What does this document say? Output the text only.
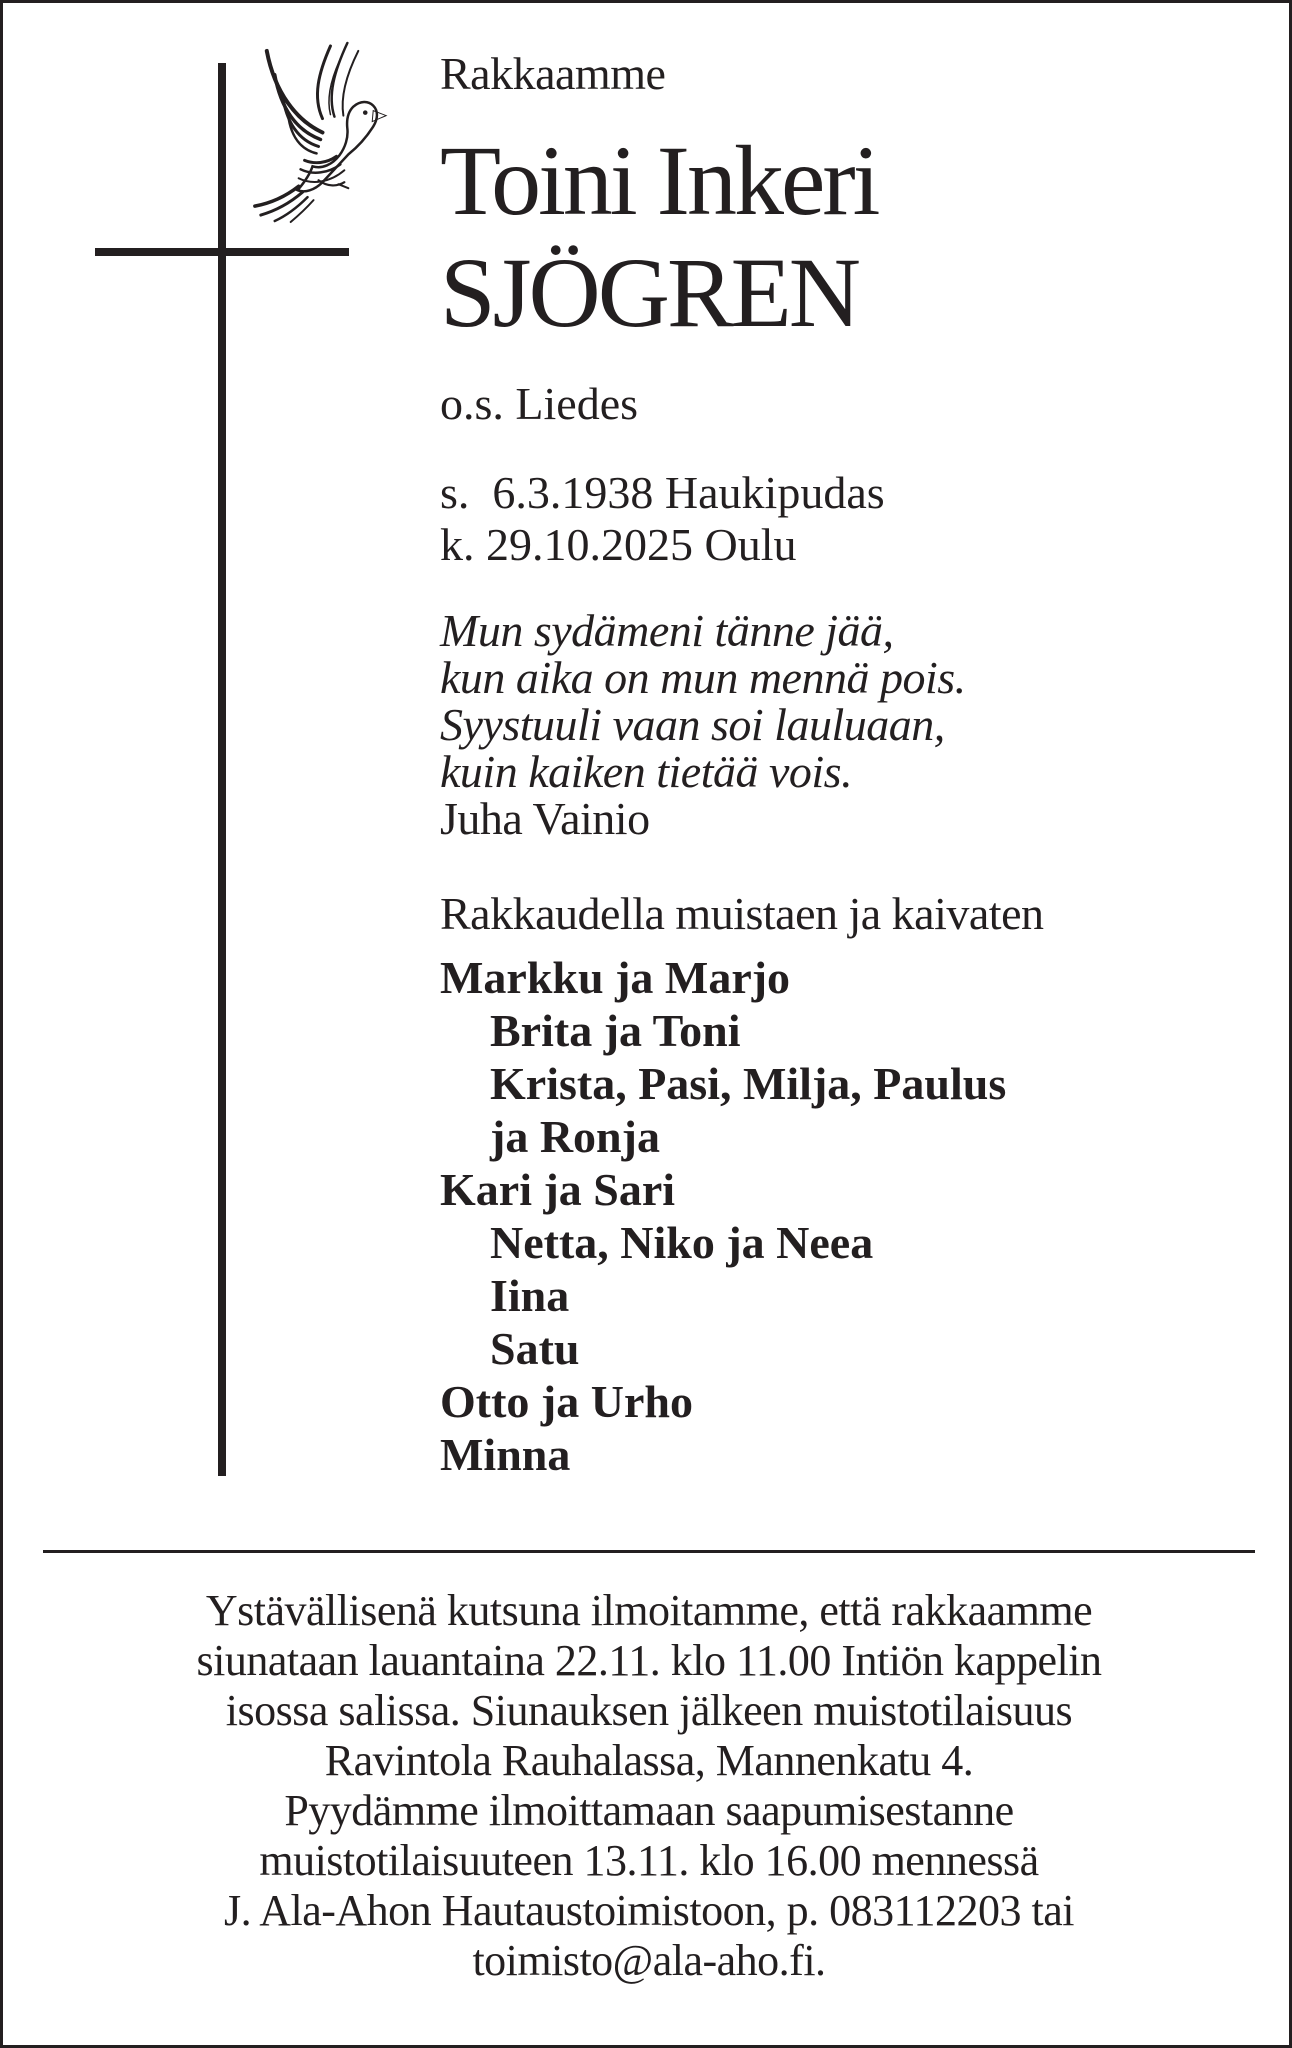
Rakkaamme
Toini Inkeri
SJÖGREN
o.s. Liedes
s.  6.3.1938 Haukipudas
k. 29.10.2025 Oulu
Mun sydämeni tänne jää,
kun aika on mun mennä pois.
Syystuuli vaan soi lauluaan,
kuin kaiken tietää vois.
Juha Vainio
Rakkaudella muistaen ja kaivaten
Markku ja Marjo
Brita ja Toni
Krista, Pasi, Milja, Paulus
ja Ronja
Kari ja Sari
Netta, Niko ja Neea
Iina
Satu
Otto ja Urho
Minna
Ystävällisenä kutsuna ilmoitamme, että rakkaamme
siunataan lauantaina 22.11. klo 11.00 Intiön kappelin
isossa salissa. Siunauksen jälkeen muistotilaisuus
Ravintola Rauhalassa, Mannenkatu 4.
Pyydämme ilmoittamaan saapumisestanne
muistotilaisuuteen 13.11. klo 16.00 mennessä
J. Ala-Ahon Hautaustoimistoon, p. 083112203 tai
toimisto@ala-aho.fi.
